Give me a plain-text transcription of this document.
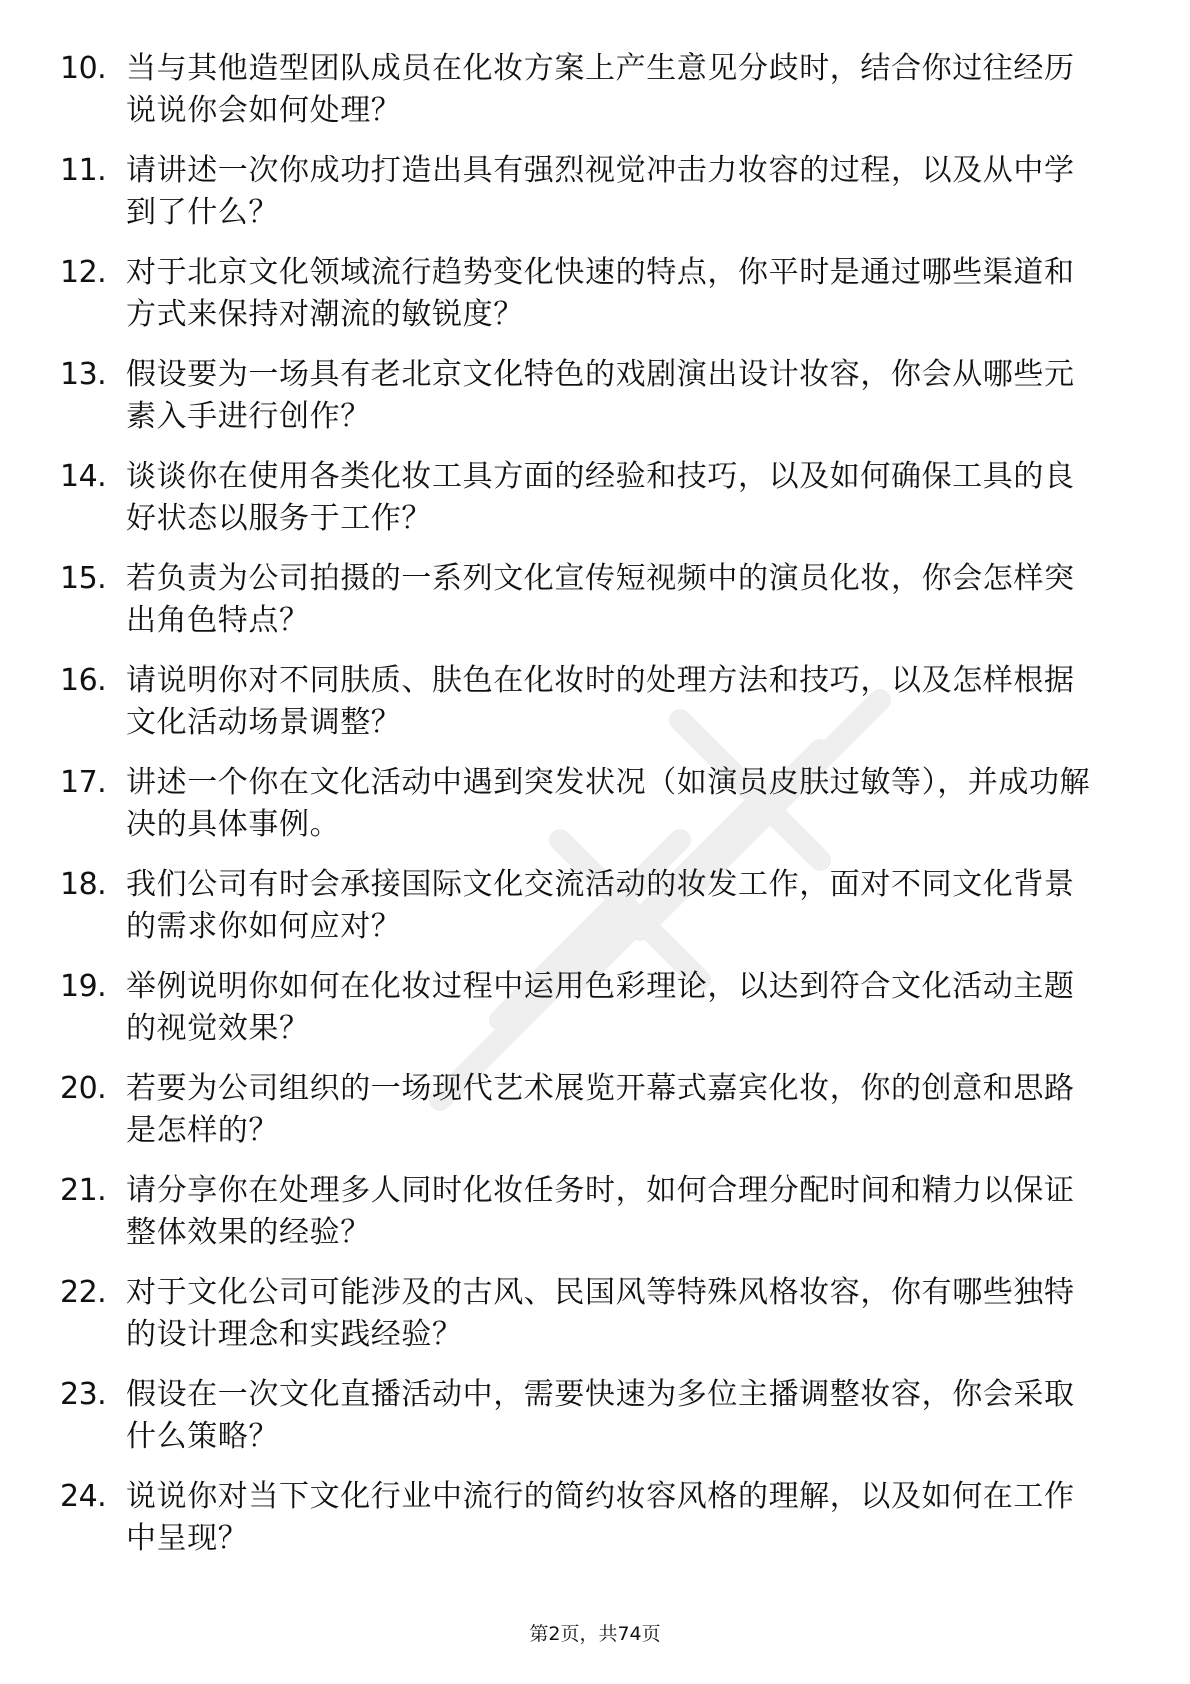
10. 当与其他造型团队成员在化妆方案上产生意见分歧时，结合你过往经历说说你会如何处理？
11. 请讲述一次你成功打造出具有强烈视觉冲击力妆容的过程，以及从中学到了什么？
12. 对于北京文化领域流行趋势变化快速的特点，你平时是通过哪些渠道和方式来保持对潮流的敏锐度？
13. 假设要为一场具有老北京文化特色的戏剧演出设计妆容，你会从哪些元素入手进行创作？
14. 谈谈你在使用各类化妆工具方面的经验和技巧，以及如何确保工具的良好状态以服务于工作？
15. 若负责为公司拍摄的一系列文化宣传短视频中的演员化妆，你会怎样突出角色特点？
16. 请说明你对不同肤质、肤色在化妆时的处理方法和技巧，以及怎样根据文化活动场景调整？
17. 讲述一个你在文化活动中遇到突发状况（如演员皮肤过敏等），并成功解决的具体事例。
18. 我们公司有时会承接国际文化交流活动的妆发工作，面对不同文化背景的需求你如何应对？
19. 举例说明你如何在化妆过程中运用色彩理论，以达到符合文化活动主题的视觉效果？
20. 若要为公司组织的一场现代艺术展览开幕式嘉宾化妆，你的创意和思路是怎样的？
21. 请分享你在处理多人同时化妆任务时，如何合理分配时间和精力以保证整体效果的经验？
22. 对于文化公司可能涉及的古风、民国风等特殊风格妆容，你有哪些独特的设计理念和实践经验？
23. 假设在一次文化直播活动中，需要快速为多位主播调整妆容，你会采取什么策略？
24. 说说你对当下文化行业中流行的简约妆容风格的理解，以及如何在工作中呈现？
第2页，共74页
